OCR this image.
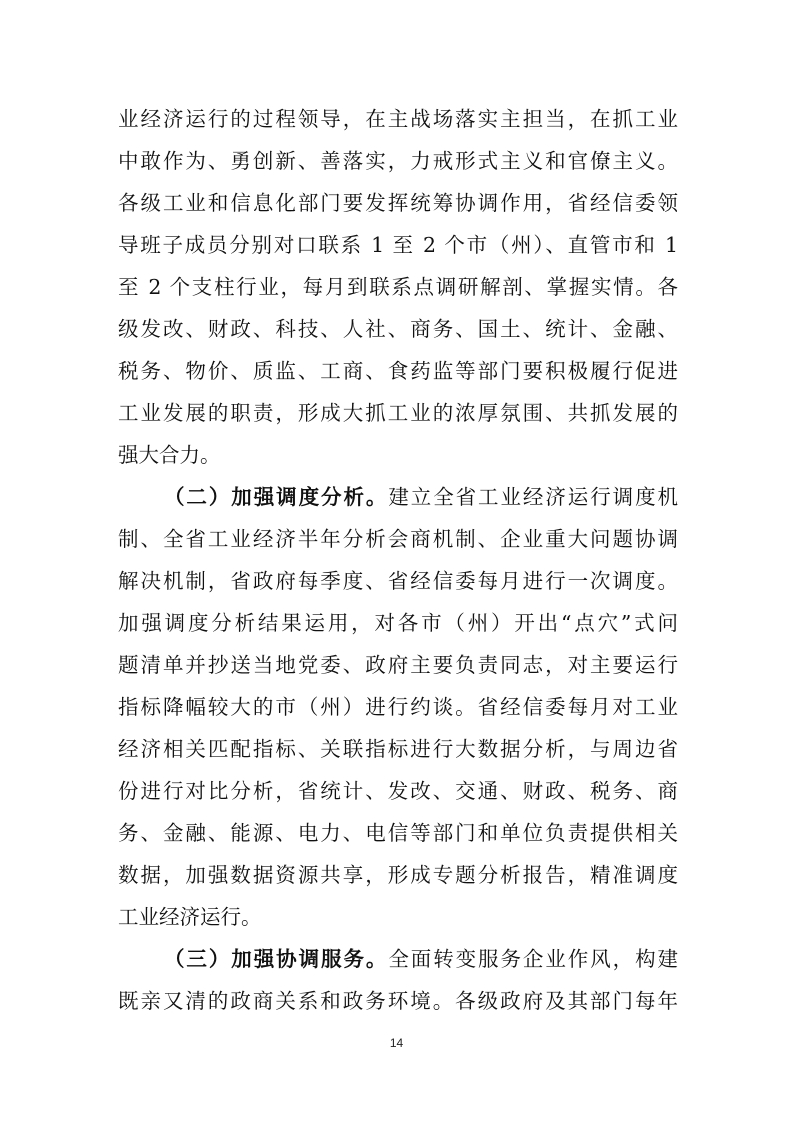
业经济运行的过程领导，在主战场落实主担当，在抓工业
中敢作为、勇创新、善落实，力戒形式主义和官僚主义。
各级工业和信息化部门要发挥统筹协调作用，省经信委领
导班子成员分别对口联系 1 至 2 个市（州）、直管市和 1
至 2 个支柱行业，每月到联系点调研解剖、掌握实情。各
级发改、财政、科技、人社、商务、国土、统计、金融、
税务、物价、质监、工商、食药监等部门要积极履行促进
工业发展的职责，形成大抓工业的浓厚氛围、共抓发展的
强大合力。
（二）加强调度分析。建立全省工业经济运行调度机
制、全省工业经济半年分析会商机制、企业重大问题协调
解决机制，省政府每季度、省经信委每月进行一次调度。
加强调度分析结果运用，对各市（州）开出“点穴”式问
题清单并抄送当地党委、政府主要负责同志，对主要运行
指标降幅较大的市（州）进行约谈。省经信委每月对工业
经济相关匹配指标、关联指标进行大数据分析，与周边省
份进行对比分析，省统计、发改、交通、财政、税务、商
务、金融、能源、电力、电信等部门和单位负责提供相关
数据，加强数据资源共享，形成专题分析报告，精准调度
工业经济运行。
（三）加强协调服务。全面转变服务企业作风，构建
既亲又清的政商关系和政务环境。各级政府及其部门每年
14
